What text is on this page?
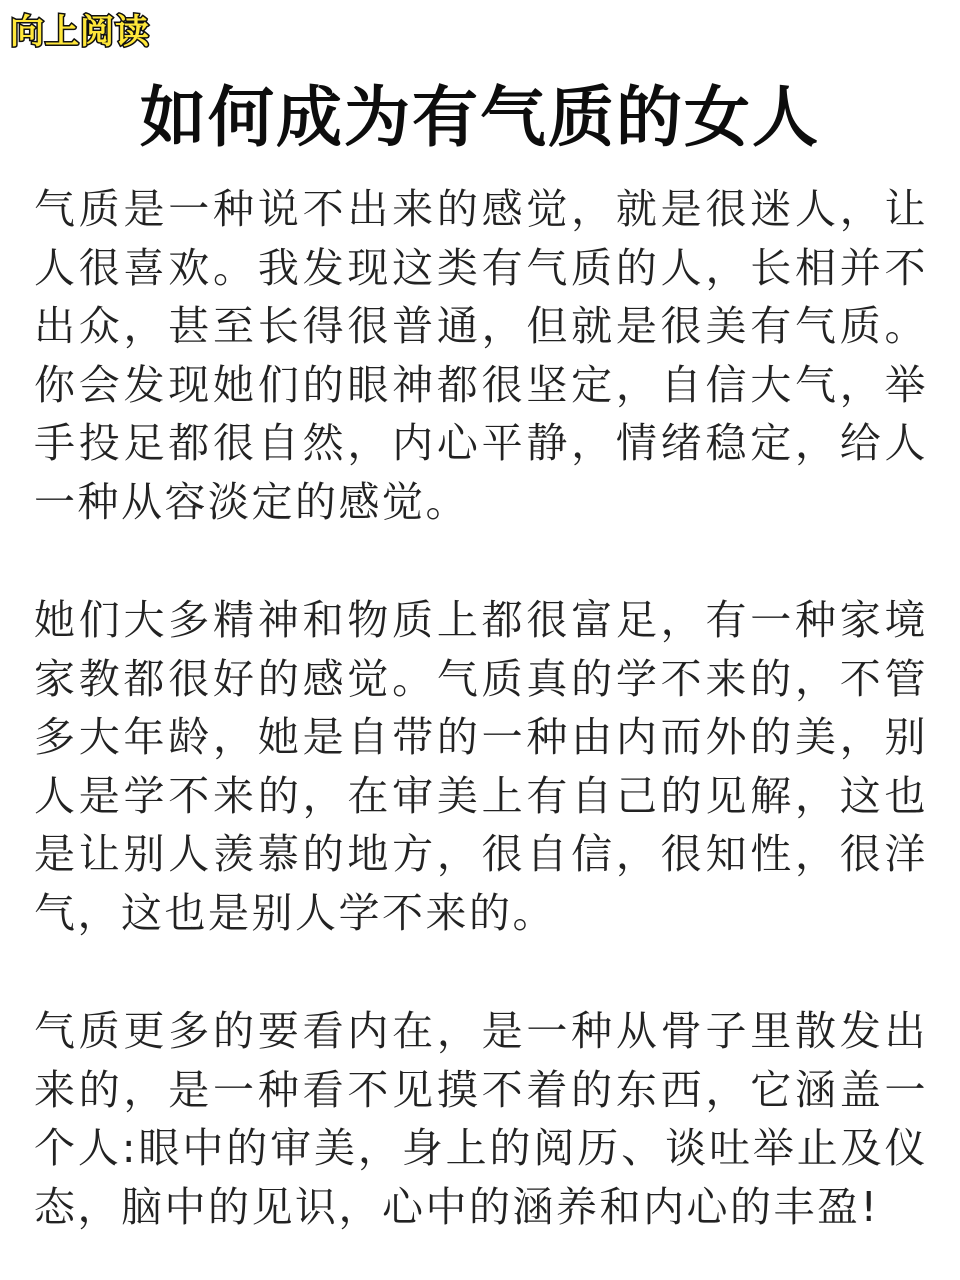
向上阅读
如何成为有气质的女人

气质是一种说不出来的感觉，就是很迷人，让人很喜欢。我发现这类有气质的人，长相并不出众，甚至长得很普通，但就是很美有气质。你会发现她们的眼神都很坚定，自信大气，举手投足都很自然，内心平静，情绪稳定，给人一种从容淡定的感觉。

她们大多精神和物质上都很富足，有一种家境家教都很好的感觉。气质真的学不来的，不管多大年龄，她是自带的一种由内而外的美，别人是学不来的，在审美上有自己的见解，这也是让别人羡慕的地方，很自信，很知性，很洋气，这也是别人学不来的。

气质更多的要看内在，是一种从骨子里散发出来的，是一种看不见摸不着的东西，它涵盖一个人:眼中的审美，身上的阅历、谈吐举止及仪态，脑中的见识，心中的涵养和内心的丰盈!
